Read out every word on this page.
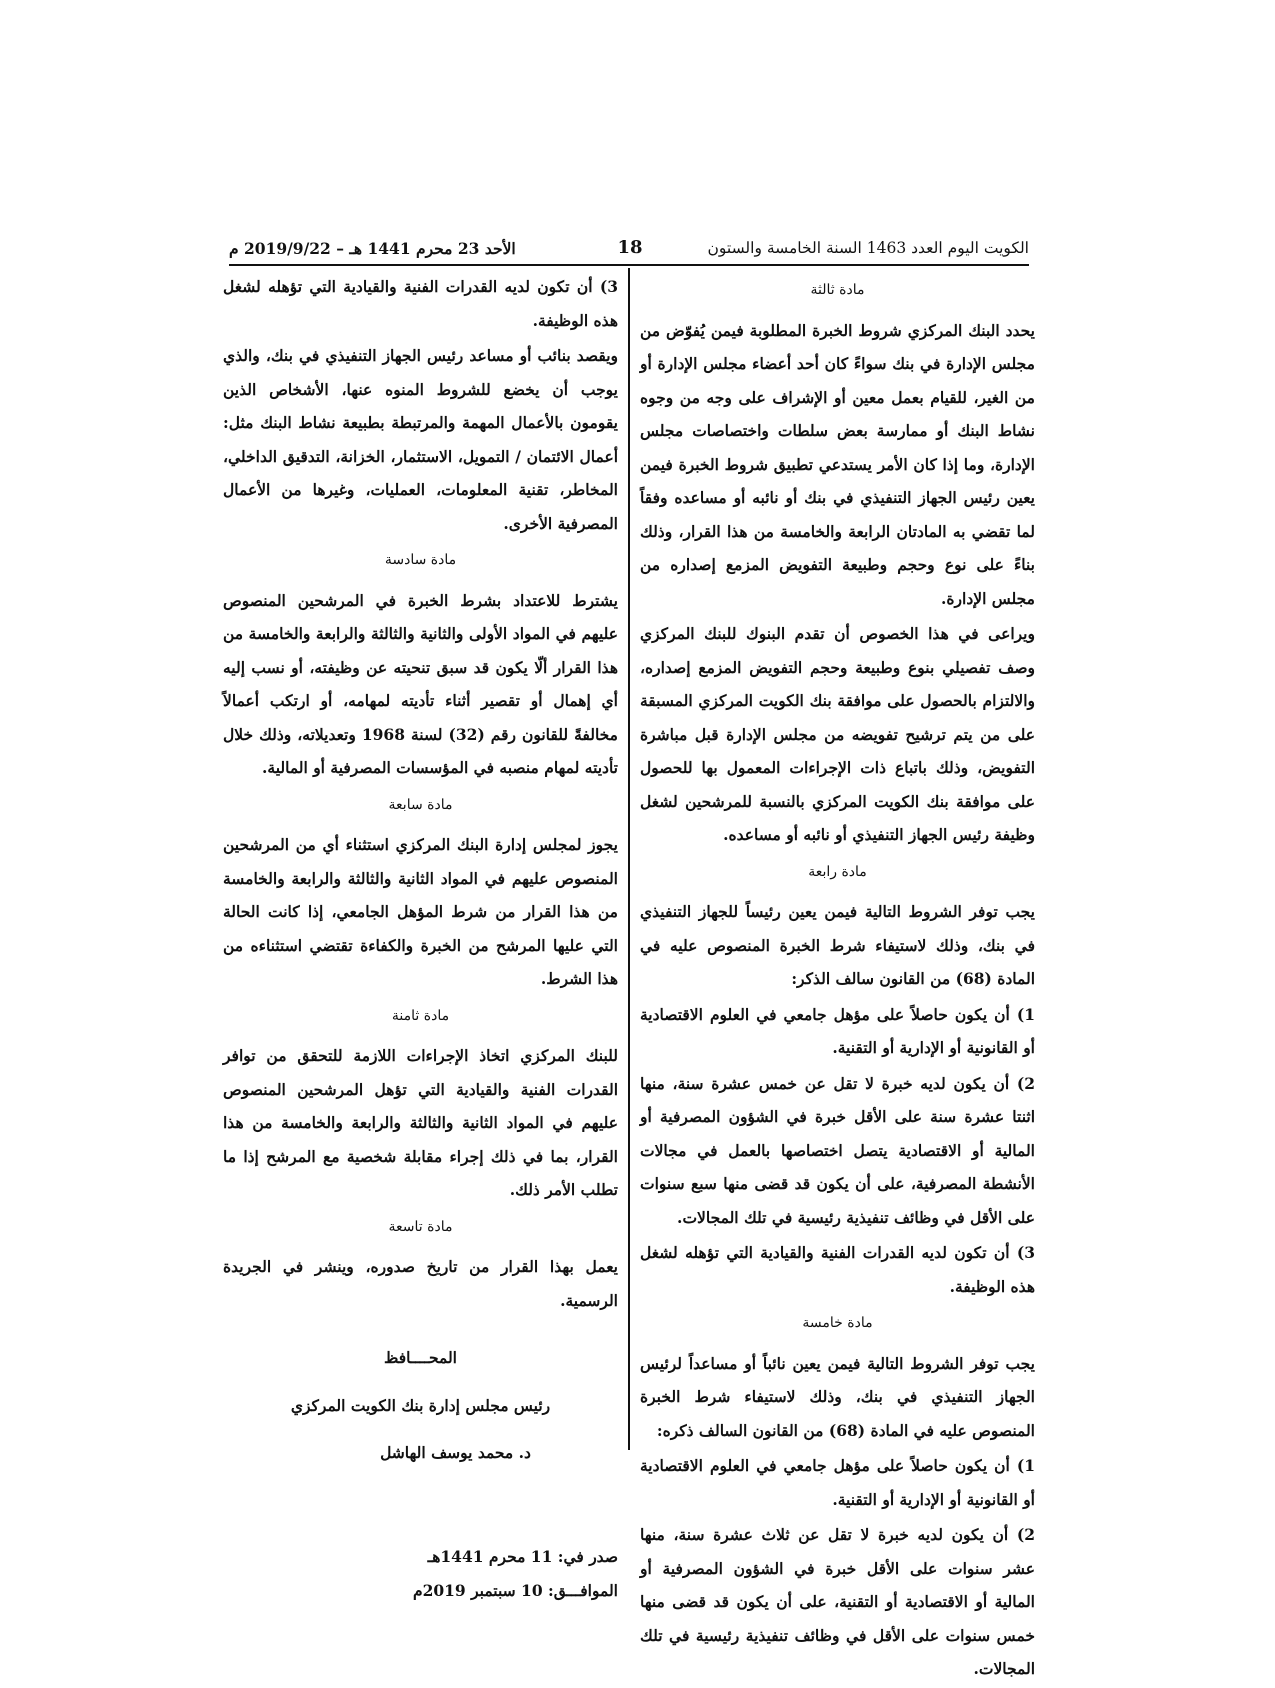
الكويت اليوم العدد 1463 السنة الخامسة والستون
18
الأحد 23 محرم 1441 هـ – 2019/9/22 م
مادة ثالثة

يحدد البنك المركزي شروط الخبرة المطلوبة فيمن يُفوّض من مجلس الإدارة في بنك سواءً كان أحد أعضاء مجلس الإدارة أو من الغير، للقيام بعمل معين أو الإشراف على وجه من وجوه نشاط البنك أو ممارسة بعض سلطات واختصاصات مجلس الإدارة، وما إذا كان الأمر يستدعي تطبيق شروط الخبرة فيمن يعين رئيس الجهاز التنفيذي في بنك أو نائبه أو مساعده وفقاً لما تقضي به المادتان الرابعة والخامسة من هذا القرار، وذلك بناءً على نوع وحجم وطبيعة التفويض المزمع إصداره من مجلس الإدارة.

ويراعى في هذا الخصوص أن تقدم البنوك للبنك المركزي وصف تفصيلي بنوع وطبيعة وحجم التفويض المزمع إصداره، والالتزام بالحصول على موافقة بنك الكويت المركزي المسبقة على من يتم ترشيح تفويضه من مجلس الإدارة قبل مباشرة التفويض، وذلك باتباع ذات الإجراءات المعمول بها للحصول على موافقة بنك الكويت المركزي بالنسبة للمرشحين لشغل وظيفة رئيس الجهاز التنفيذي أو نائبه أو مساعده.

مادة رابعة

يجب توفر الشروط التالية فيمن يعين رئيساً للجهاز التنفيذي في بنك، وذلك لاستيفاء شرط الخبرة المنصوص عليه في المادة (68) من القانون سالف الذكر:

1) أن يكون حاصلاً على مؤهل جامعي في العلوم الاقتصادية أو القانونية أو الإدارية أو التقنية.

2) أن يكون لديه خبرة لا تقل عن خمس عشرة سنة، منها اثنتا عشرة سنة على الأقل خبرة في الشؤون المصرفية أو المالية أو الاقتصادية يتصل اختصاصها بالعمل في مجالات الأنشطة المصرفية، على أن يكون قد قضى منها سبع سنوات على الأقل في وظائف تنفيذية رئيسية في تلك المجالات.

3) أن تكون لديه القدرات الفنية والقيادية التي تؤهله لشغل هذه الوظيفة.

مادة خامسة

يجب توفر الشروط التالية فيمن يعين نائباً أو مساعداً لرئيس الجهاز التنفيذي في بنك، وذلك لاستيفاء شرط الخبرة المنصوص عليه في المادة (68) من القانون السالف ذكره:

1) أن يكون حاصلاً على مؤهل جامعي في العلوم الاقتصادية أو القانونية أو الإدارية أو التقنية.

2) أن يكون لديه خبرة لا تقل عن ثلاث عشرة سنة، منها عشر سنوات على الأقل خبرة في الشؤون المصرفية أو المالية أو الاقتصادية أو التقنية، على أن يكون قد قضى منها خمس سنوات على الأقل في وظائف تنفيذية رئيسية في تلك المجالات.

3) أن تكون لديه القدرات الفنية والقيادية التي تؤهله لشغل هذه الوظيفة.

ويقصد بنائب أو مساعد رئيس الجهاز التنفيذي في بنك، والذي يوجب أن يخضع للشروط المنوه عنها، الأشخاص الذين يقومون بالأعمال المهمة والمرتبطة بطبيعة نشاط البنك مثل: أعمال الائتمان / التمويل، الاستثمار، الخزانة، التدقيق الداخلي، المخاطر، تقنية المعلومات، العمليات، وغيرها من الأعمال المصرفية الأخرى.

مادة سادسة

يشترط للاعتداد بشرط الخبرة في المرشحين المنصوص عليهم في المواد الأولى والثانية والثالثة والرابعة والخامسة من هذا القرار ألّا يكون قد سبق تنحيته عن وظيفته، أو نسب إليه أي إهمال أو تقصير أثناء تأديته لمهامه، أو ارتكب أعمالاً مخالفةً للقانون رقم (32) لسنة 1968 وتعديلاته، وذلك خلال تأديته لمهام منصبه في المؤسسات المصرفية أو المالية.

مادة سابعة

يجوز لمجلس إدارة البنك المركزي استثناء أي من المرشحين المنصوص عليهم في المواد الثانية والثالثة والرابعة والخامسة من هذا القرار من شرط المؤهل الجامعي، إذا كانت الحالة التي عليها المرشح من الخبرة والكفاءة تقتضي استثناءه من هذا الشرط.

مادة ثامنة

للبنك المركزي اتخاذ الإجراءات اللازمة للتحقق من توافر القدرات الفنية والقيادية التي تؤهل المرشحين المنصوص عليهم في المواد الثانية والثالثة والرابعة والخامسة من هذا القرار، بما في ذلك إجراء مقابلة شخصية مع المرشح إذا ما تطلب الأمر ذلك.

مادة تاسعة

يعمل بهذا القرار من تاريخ صدوره، وينشر في الجريدة الرسمية.

المحــــافظ

رئيس مجلس إدارة بنك الكويت المركزي

د. محمد يوسف الهاشل

صدر في: 11 محرم 1441هـ

الموافـــق: 10 سبتمبر 2019م
